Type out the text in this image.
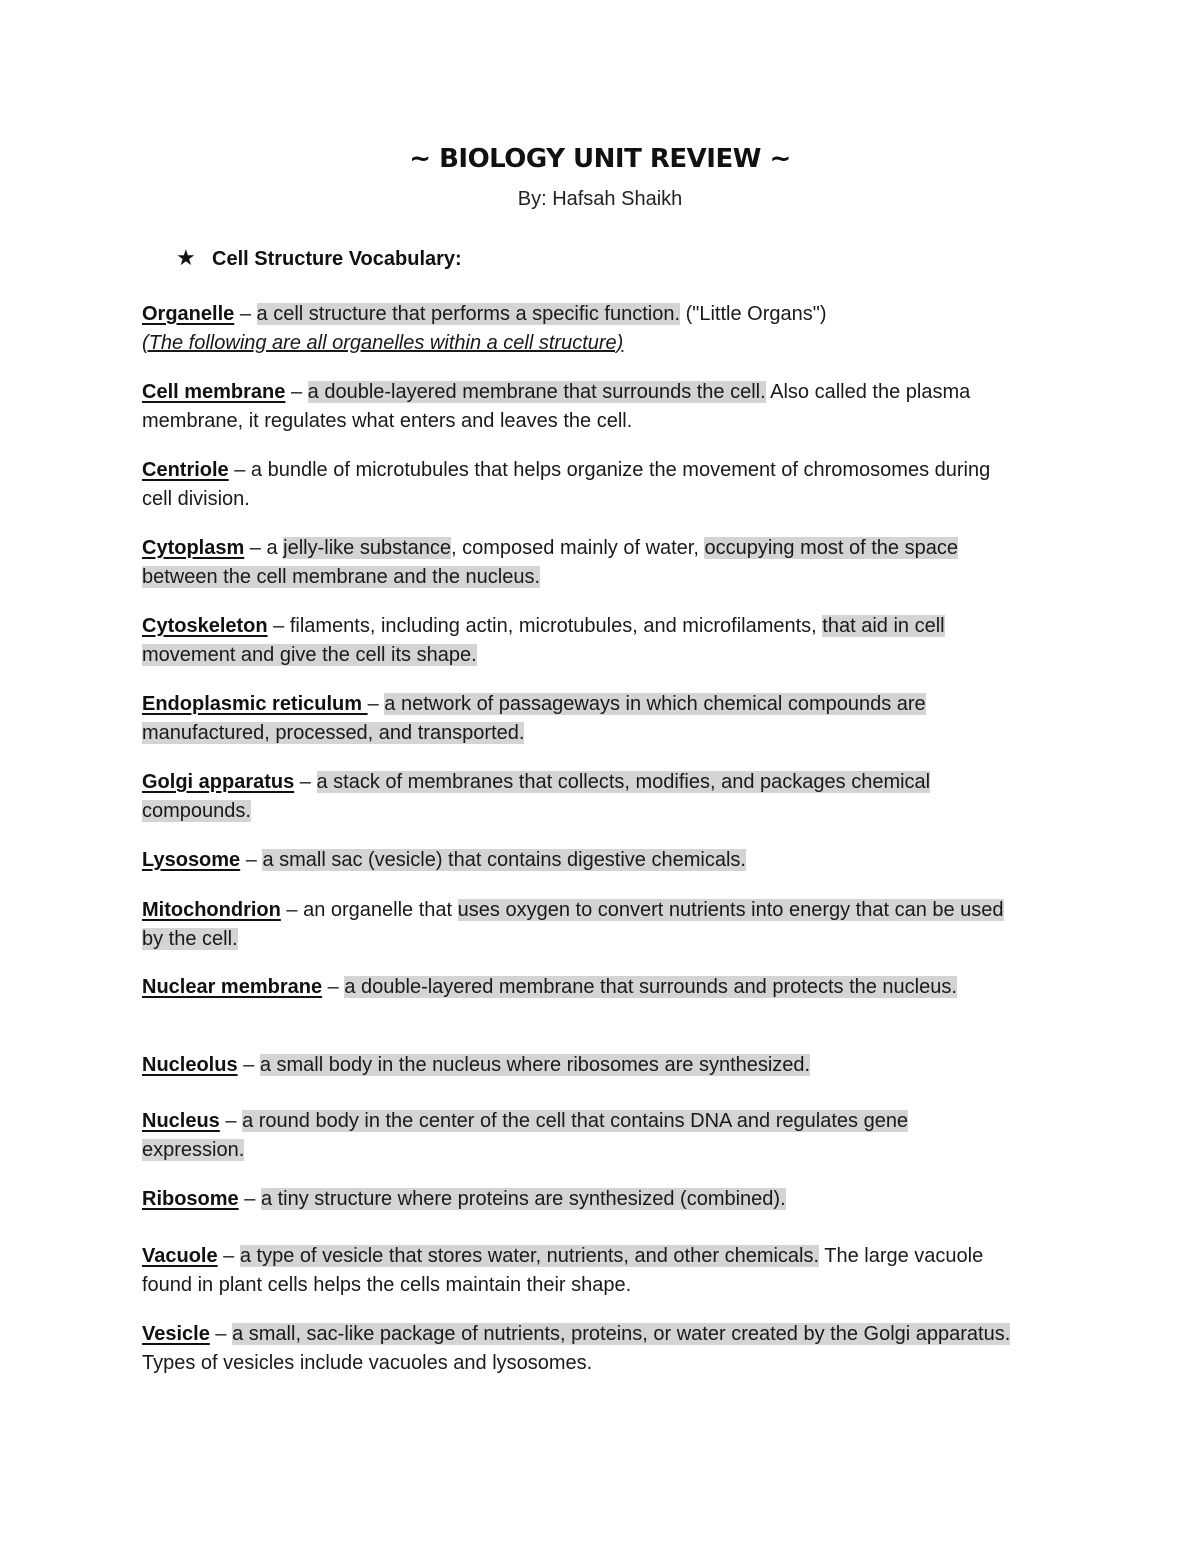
~ BIOLOGY UNIT REVIEW ~
By: Hafsah Shaikh
★ Cell Structure Vocabulary:
Organelle – a cell structure that performs a specific function. ("Little Organs")
(The following are all organelles within a cell structure)
Cell membrane – a double-layered membrane that surrounds the cell. Also called the plasma membrane, it regulates what enters and leaves the cell.
Centriole – a bundle of microtubules that helps organize the movement of chromosomes during cell division.
Cytoplasm – a jelly-like substance, composed mainly of water, occupying most of the space between the cell membrane and the nucleus.
Cytoskeleton – filaments, including actin, microtubules, and microfilaments, that aid in cell movement and give the cell its shape.
Endoplasmic reticulum – a network of passageways in which chemical compounds are manufactured, processed, and transported.
Golgi apparatus – a stack of membranes that collects, modifies, and packages chemical compounds.
Lysosome – a small sac (vesicle) that contains digestive chemicals.
Mitochondrion – an organelle that uses oxygen to convert nutrients into energy that can be used by the cell.
Nuclear membrane – a double-layered membrane that surrounds and protects the nucleus.
Nucleolus – a small body in the nucleus where ribosomes are synthesized.
Nucleus – a round body in the center of the cell that contains DNA and regulates gene expression.
Ribosome – a tiny structure where proteins are synthesized (combined).
Vacuole – a type of vesicle that stores water, nutrients, and other chemicals. The large vacuole found in plant cells helps the cells maintain their shape.
Vesicle – a small, sac-like package of nutrients, proteins, or water created by the Golgi apparatus. Types of vesicles include vacuoles and lysosomes.
